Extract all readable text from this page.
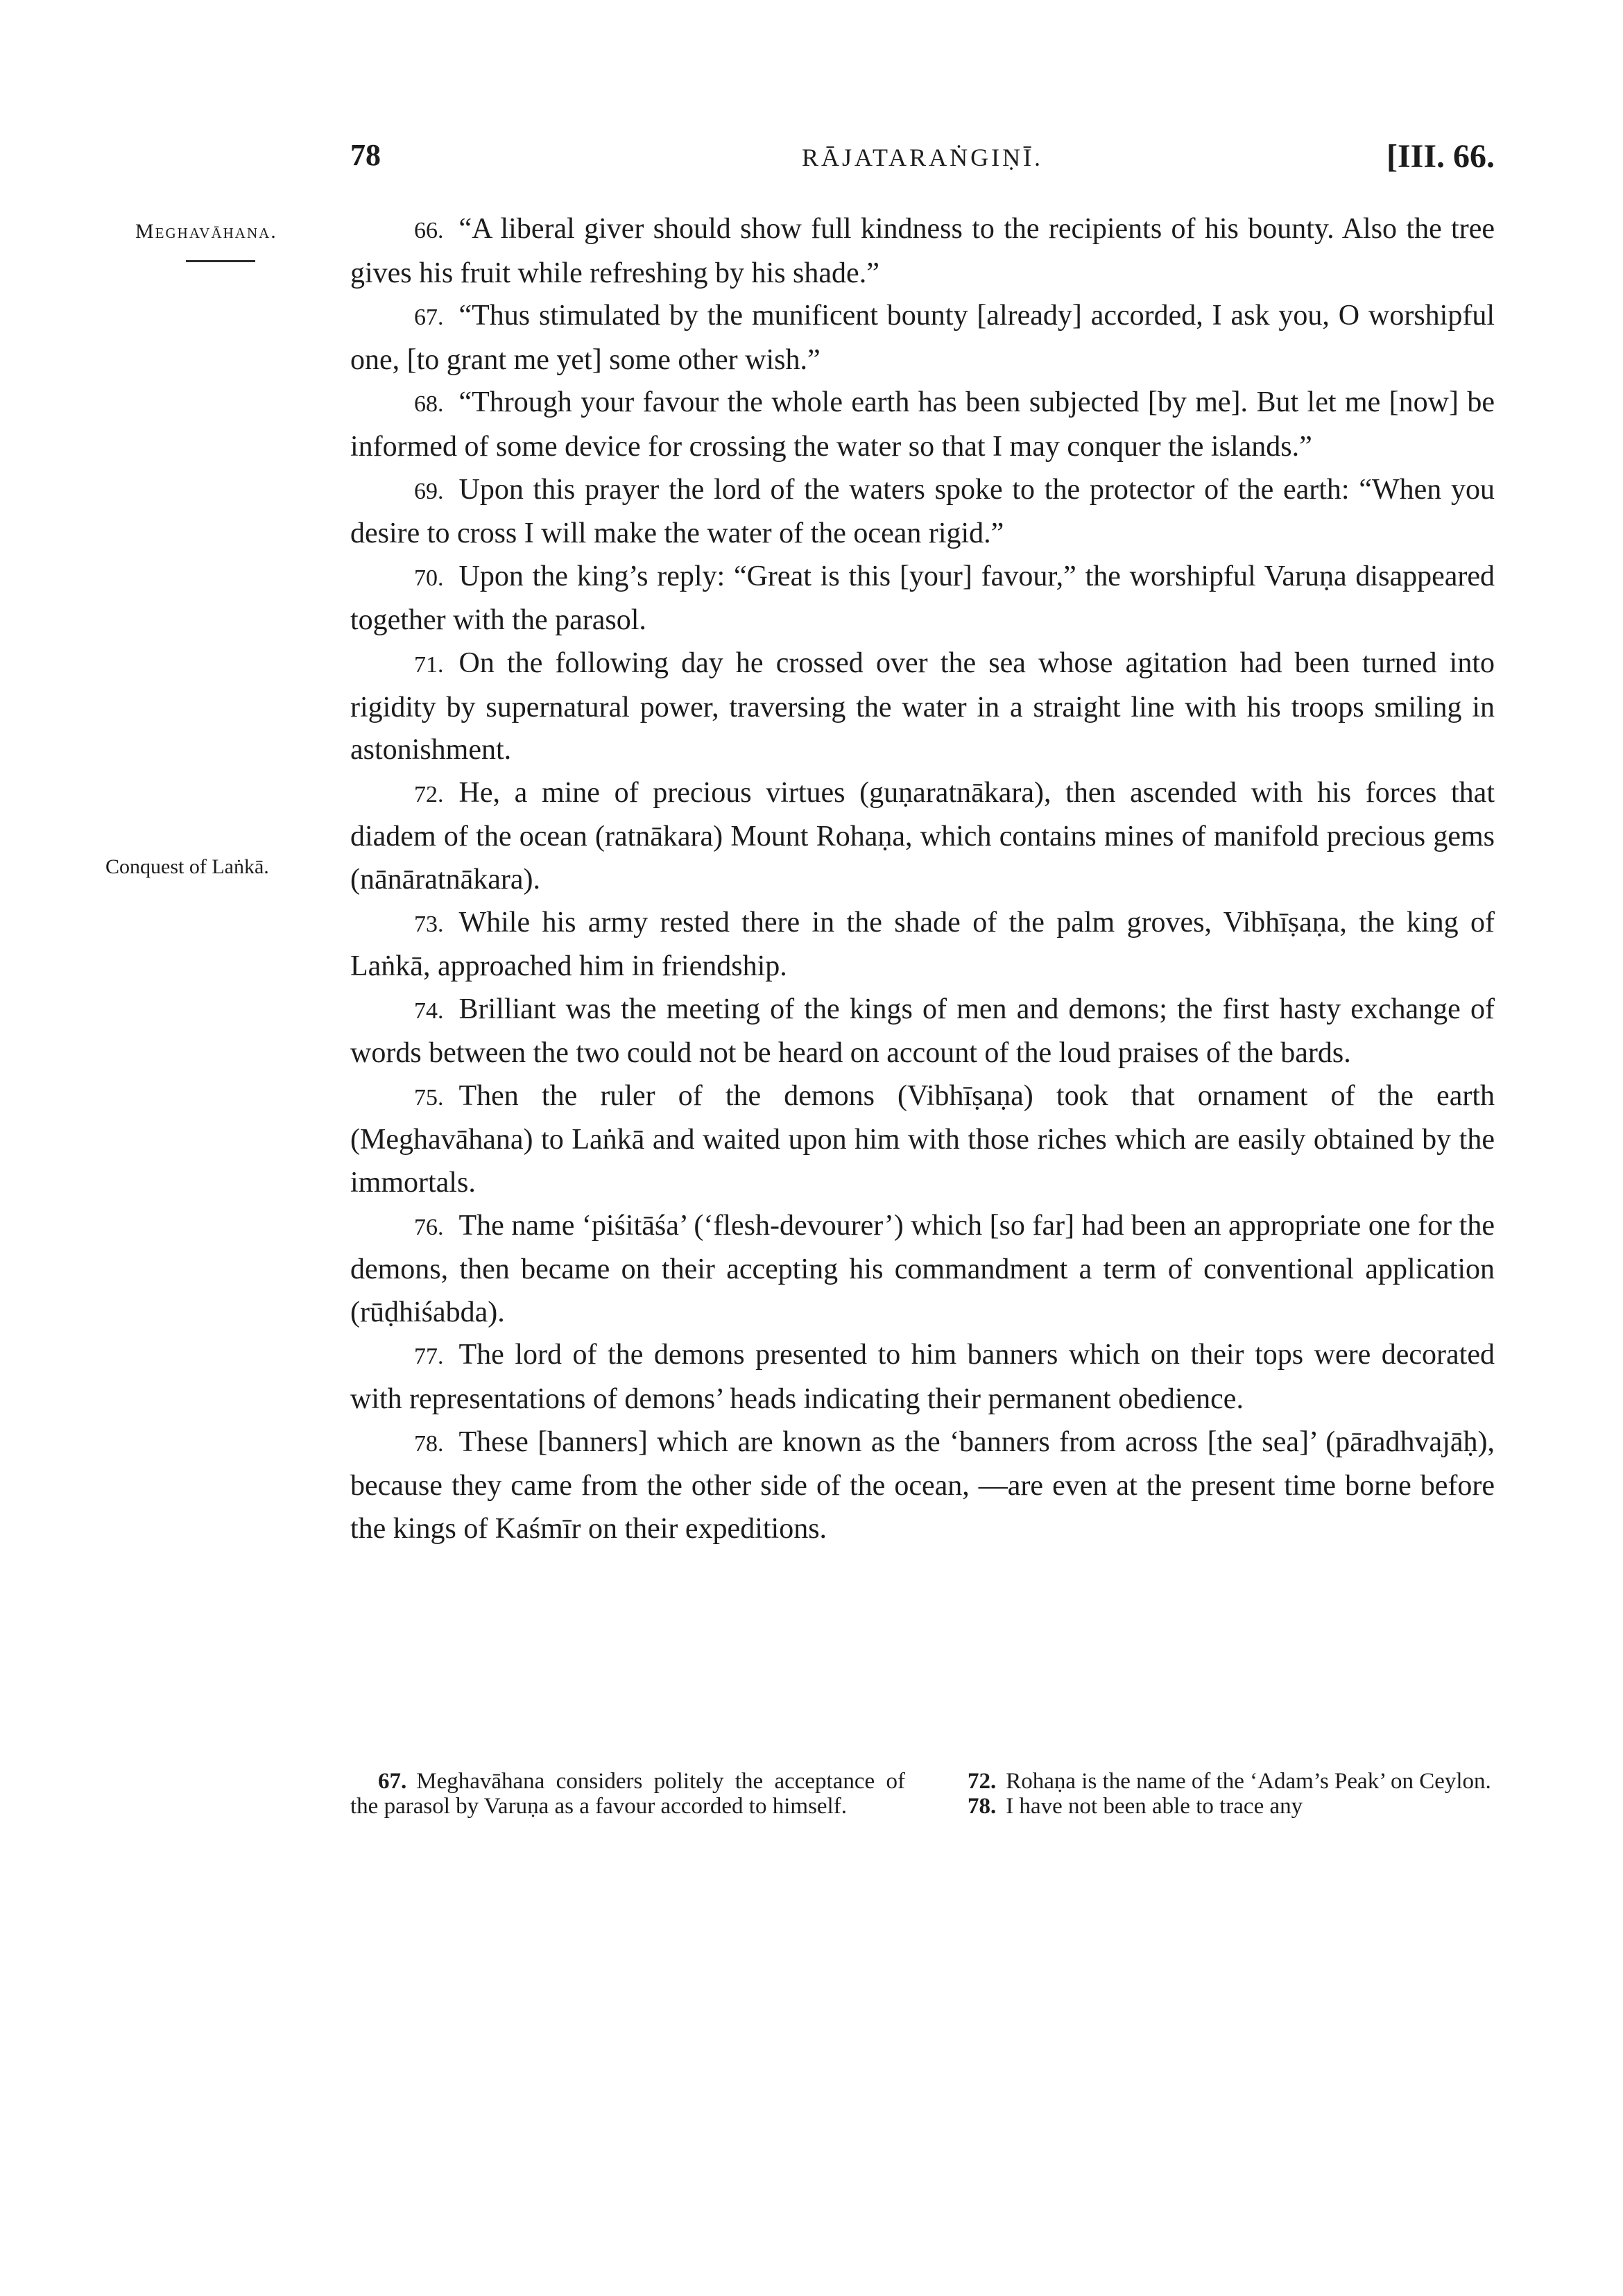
78	RĀJATARAṄGIṆĪ.	[III. 66.
Meghavāhana.
Conquest of Laṅkā.

66. “A liberal giver should show full kindness to the recipients of his bounty. Also the tree gives his fruit while refreshing by his shade.”

67. “Thus stimulated by the munificent bounty [already] accorded, I ask you, O worshipful one, [to grant me yet] some other wish.”

68. “Through your favour the whole earth has been subjected [by me]. But let me [now] be informed of some device for crossing the water so that I may conquer the islands.”

69. Upon this prayer the lord of the waters spoke to the protector of the earth: “When you desire to cross I will make the water of the ocean rigid.”

70. Upon the king’s reply: “Great is this [your] favour,” the worshipful Varuṇa disappeared together with the parasol.

71. On the following day he crossed over the sea whose agitation had been turned into rigidity by supernatural power, traversing the water in a straight line with his troops smiling in astonishment.

72. He, a mine of precious virtues (guṇaratnākara), then ascended with his forces that diadem of the ocean (ratnākara) Mount Rohaṇa, which contains mines of manifold precious gems (nānāratnākara).

73. While his army rested there in the shade of the palm groves, Vibhīṣaṇa, the king of Laṅkā, approached him in friendship.

74. Brilliant was the meeting of the kings of men and demons; the first hasty exchange of words between the two could not be heard on account of the loud praises of the bards.

75. Then the ruler of the demons (Vibhīṣaṇa) took that ornament of the earth (Meghavāhana) to Laṅkā and waited upon him with those riches which are easily obtained by the immortals.

76. The name ‘piśitāśa’ (‘flesh-devourer’) which [so far] had been an appropriate one for the demons, then became on their accepting his commandment a term of conventional application (rūḍhiśabda).

77. The lord of the demons presented to him banners which on their tops were decorated with representations of demons’ heads indicating their permanent obedience.

78. These [banners] which are known as the ‘banners from across [the sea]’ (pāradhvajāḥ), because they came from the other side of the ocean, —are even at the present time borne before the kings of Kaśmīr on their expeditions.

67. Meghavāhana considers politely the acceptance of the parasol by Varuṇa as a favour accorded to himself.

72. Rohaṇa is the name of the ‘Adam’s Peak’ on Ceylon.

78. I have not been able to trace any
